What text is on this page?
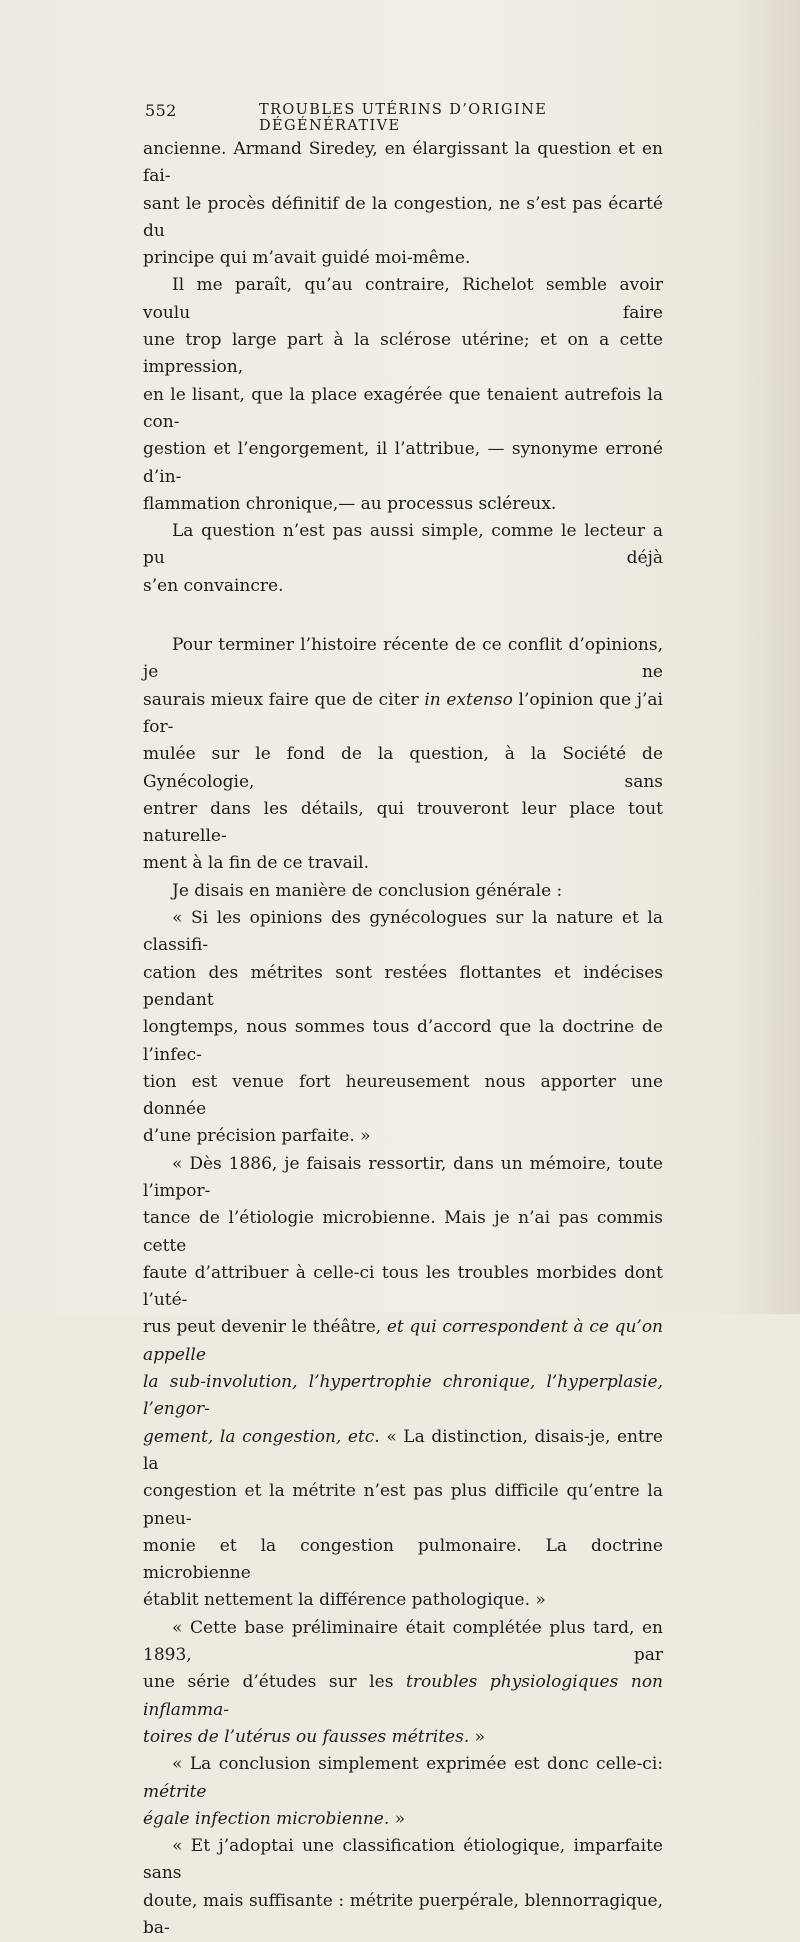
552	TROUBLES UTÉRINS D’ORIGINE DÉGÉNÉRATIVE

ancienne. Armand Siredey, en élargissant la question et en fai-

sant le procès définitif de la congestion, ne s’est pas écarté du

principe qui m’avait guidé moi-même.

Il me paraît, qu’au contraire, Richelot semble avoir voulu faire

une trop large part à la sclérose utérine; et on a cette impression,

en le lisant, que la place exagérée que tenaient autrefois la con-

gestion et l’engorgement, il l’attribue, — synonyme erroné d’in-

flammation chronique,— au processus scléreux.

La question n’est pas aussi simple, comme le lecteur a pu déjà

s’en convaincre.

Pour terminer l’histoire récente de ce conflit d’opinions, je ne

saurais mieux faire que de citer in extenso l’opinion que j’ai for-

mulée sur le fond de la question, à la Société de Gynécologie, sans

entrer dans les détails, qui trouveront leur place tout naturelle-

ment à la fin de ce travail.

Je disais en manière de conclusion générale :

« Si les opinions des gynécologues sur la nature et la classifi-

cation des métrites sont restées flottantes et indécises pendant

longtemps, nous sommes tous d’accord que la doctrine de l’infec-

tion est venue fort heureusement nous apporter une donnée

d’une précision parfaite. »

« Dès 1886, je faisais ressortir, dans un mémoire, toute l’impor-

tance de l’étiologie microbienne. Mais je n’ai pas commis cette

faute d’attribuer à celle-ci tous les troubles morbides dont l’uté-

rus peut devenir le théâtre, et qui correspondent à ce qu’on appelle

la sub-involution, l’hypertrophie chronique, l’hyperplasie, l’engor-

gement, la congestion, etc. « La distinction, disais-je, entre la

congestion et la métrite n’est pas plus difficile qu’entre la pneu-

monie et la congestion pulmonaire. La doctrine microbienne

établit nettement la différence pathologique. »

« Cette base préliminaire était complétée plus tard, en 1893, par

une série d’études sur les troubles physiologiques non inflamma-

toires de l’utérus ou fausses métrites. »

« La conclusion simplement exprimée est donc celle-ci: métrite

égale infection microbienne. »

« Et j’adoptai une classification étiologique, imparfaite sans

doute, mais suffisante : métrite puerpérale, blennorragique, ba-
